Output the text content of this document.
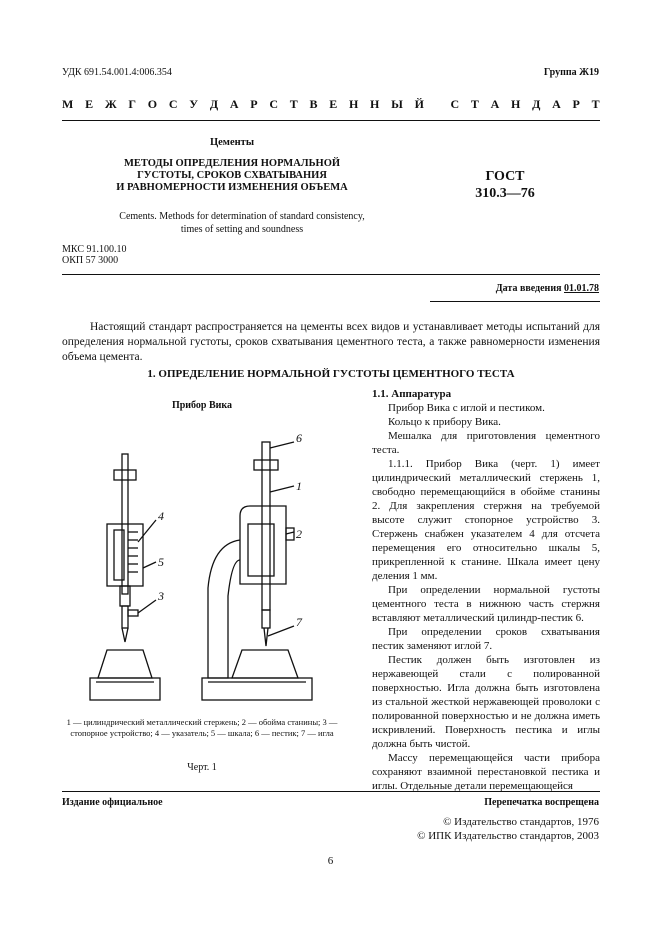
УДК 691.54.001.4:006.354	Группа Ж19
М Е Ж Г О С У Д А Р С Т В Е Н Н Ы Й
С Т А Н Д А Р Т
Цементы
МЕТОДЫ ОПРЕДЕЛЕНИЯ НОРМАЛЬНОЙ
ГУСТОТЫ, СРОКОВ СХВАТЫВАНИЯ
И РАВНОМЕРНОСТИ ИЗМЕНЕНИЯ ОБЪЕМА
ГОСТ
310.3—76
Cements. Methods for determination of standard consistency,
times of setting and soundness
МКС 91.100.10
ОКП 57 3000
Дата введения 01.01.78
Настоящий стандарт распространяется на цементы всех видов и устанавливает методы испытаний для определения нормальной густоты, сроков схватывания цементного теста, а также равномерности изменения объема цемента.
1. ОПРЕДЕЛЕНИЕ НОРМАЛЬНОЙ ГУСТОТЫ ЦЕМЕНТНОГО ТЕСТА
Прибор Вика
6
1
2
3
4
5
7
1 — цилиндрический металлический стержень; 2 — обойма станины; 3 — стопорное устройство; 4 — указатель; 5 — шкала; 6 — пестик; 7 — игла
Черт. 1

1.1. Аппаратура

Прибор Вика с иглой и пестиком.

Кольцо к прибору Вика.

Мешалка для приготовления цементного теста.

1.1.1. Прибор Вика (черт. 1) имеет цилиндрический металлический стержень 1, свободно перемещающийся в обойме станины 2. Для закрепления стержня на требуемой высоте служит стопорное устройство 3. Стержень снабжен указателем 4 для отсчета перемещения его относительно шкалы 5, прикрепленной к станине. Шкала имеет цену деления 1 мм.

При определении нормальной густоты цементного теста в нижнюю часть стержня вставляют металлический цилиндр-пестик 6.

При определении сроков схватывания пестик заменяют иглой 7.

Пестик должен быть изготовлен из нержавеющей стали с полированной поверхностью. Игла должна быть изготовлена из стальной жесткой нержавеющей проволоки с полированной поверхностью и не должна иметь искривлений. Поверхность пестика и иглы должна быть чистой.

Массу перемещающейся части прибора сохраняют взаимной перестановкой пестика и иглы. Отдельные детали перемещающейся

Издание официальное	Перепечатка воспрещена
© Издательство стандартов, 1976
© ИПК Издательство стандартов, 2003
6
